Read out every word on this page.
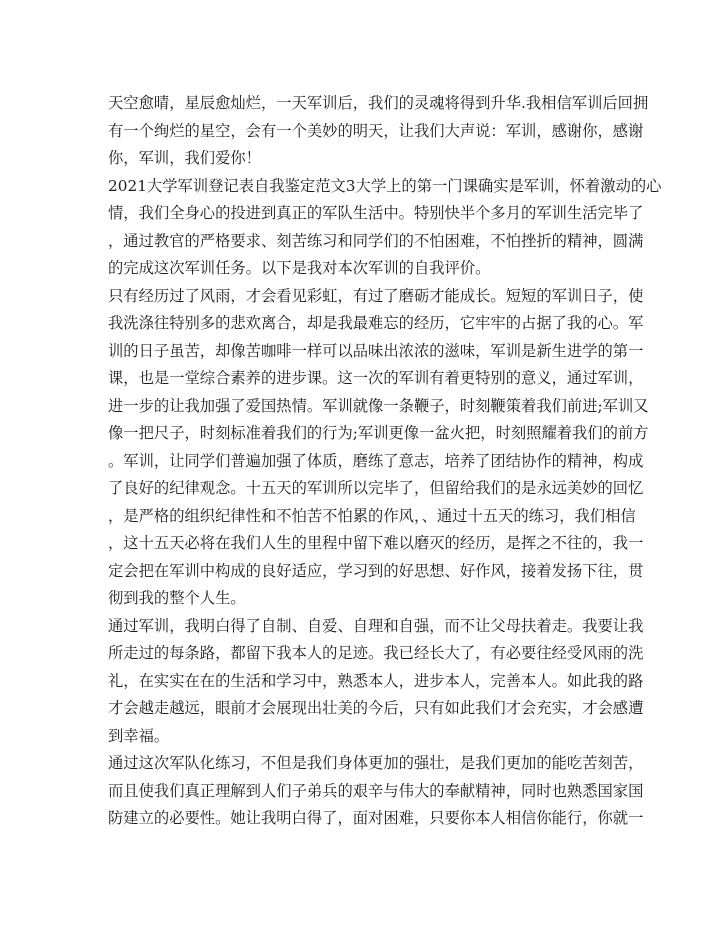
天空愈晴，星辰愈灿烂，一天军训后，我们的灵魂将得到升华.我相信军训后回拥
有一个绚烂的星空，会有一个美妙的明天，让我们大声说：军训，感谢你，感谢
你，军训，我们爱你！
2021大学军训登记表自我鉴定范文3大学上的第一门课确实是军训，怀着激动的心
情，我们全身心的投进到真正的军队生活中。特别快半个多月的军训生活完毕了
，通过教官的严格要求、刻苦练习和同学们的不怕困难，不怕挫折的精神，圆满
的完成这次军训任务。以下是我对本次军训的自我评价。
只有经历过了风雨，才会看见彩虹，有过了磨砺才能成长。短短的军训日子，使
我洗涤往特别多的悲欢离合，却是我最难忘的经历，它牢牢的占据了我的心。军
训的日子虽苦，却像苦咖啡一样可以品味出浓浓的滋味，军训是新生进学的第一
课，也是一堂综合素养的进步课。这一次的军训有着更特别的意义，通过军训，
进一步的让我加强了爱国热情。军训就像一条鞭子，时刻鞭策着我们前进;军训又
像一把尺子，时刻标准着我们的行为;军训更像一盆火把，时刻照耀着我们的前方
。军训，让同学们普遍加强了体质，磨练了意志，培养了团结协作的精神，构成
了良好的纪律观念。十五天的军训所以完毕了，但留给我们的是永远美妙的回忆
，是严格的组织纪律性和不怕苦不怕累的作风，、通过十五天的练习，我们相信
，这十五天必将在我们人生的里程中留下难以磨灭的经历，是挥之不往的，我一
定会把在军训中构成的良好适应，学习到的好思想、好作风，接着发扬下往，贯
彻到我的整个人生。
通过军训，我明白得了自制、自爱、自理和自强，而不让父母扶着走。我要让我
所走过的每条路，都留下我本人的足迹。我已经长大了，有必要往经受风雨的洗
礼，在实实在在的生活和学习中，熟悉本人，进步本人，完善本人。如此我的路
才会越走越远，眼前才会展现出壮美的今后，只有如此我们才会充实，才会感遭
到幸福。
通过这次军队化练习，不但是我们身体更加的强壮，是我们更加的能吃苦刻苦，
而且使我们真正理解到人们子弟兵的艰辛与伟大的奉献精神，同时也熟悉国家国
防建立的必要性。她让我明白得了，面对困难，只要你本人相信你能行，你就一
